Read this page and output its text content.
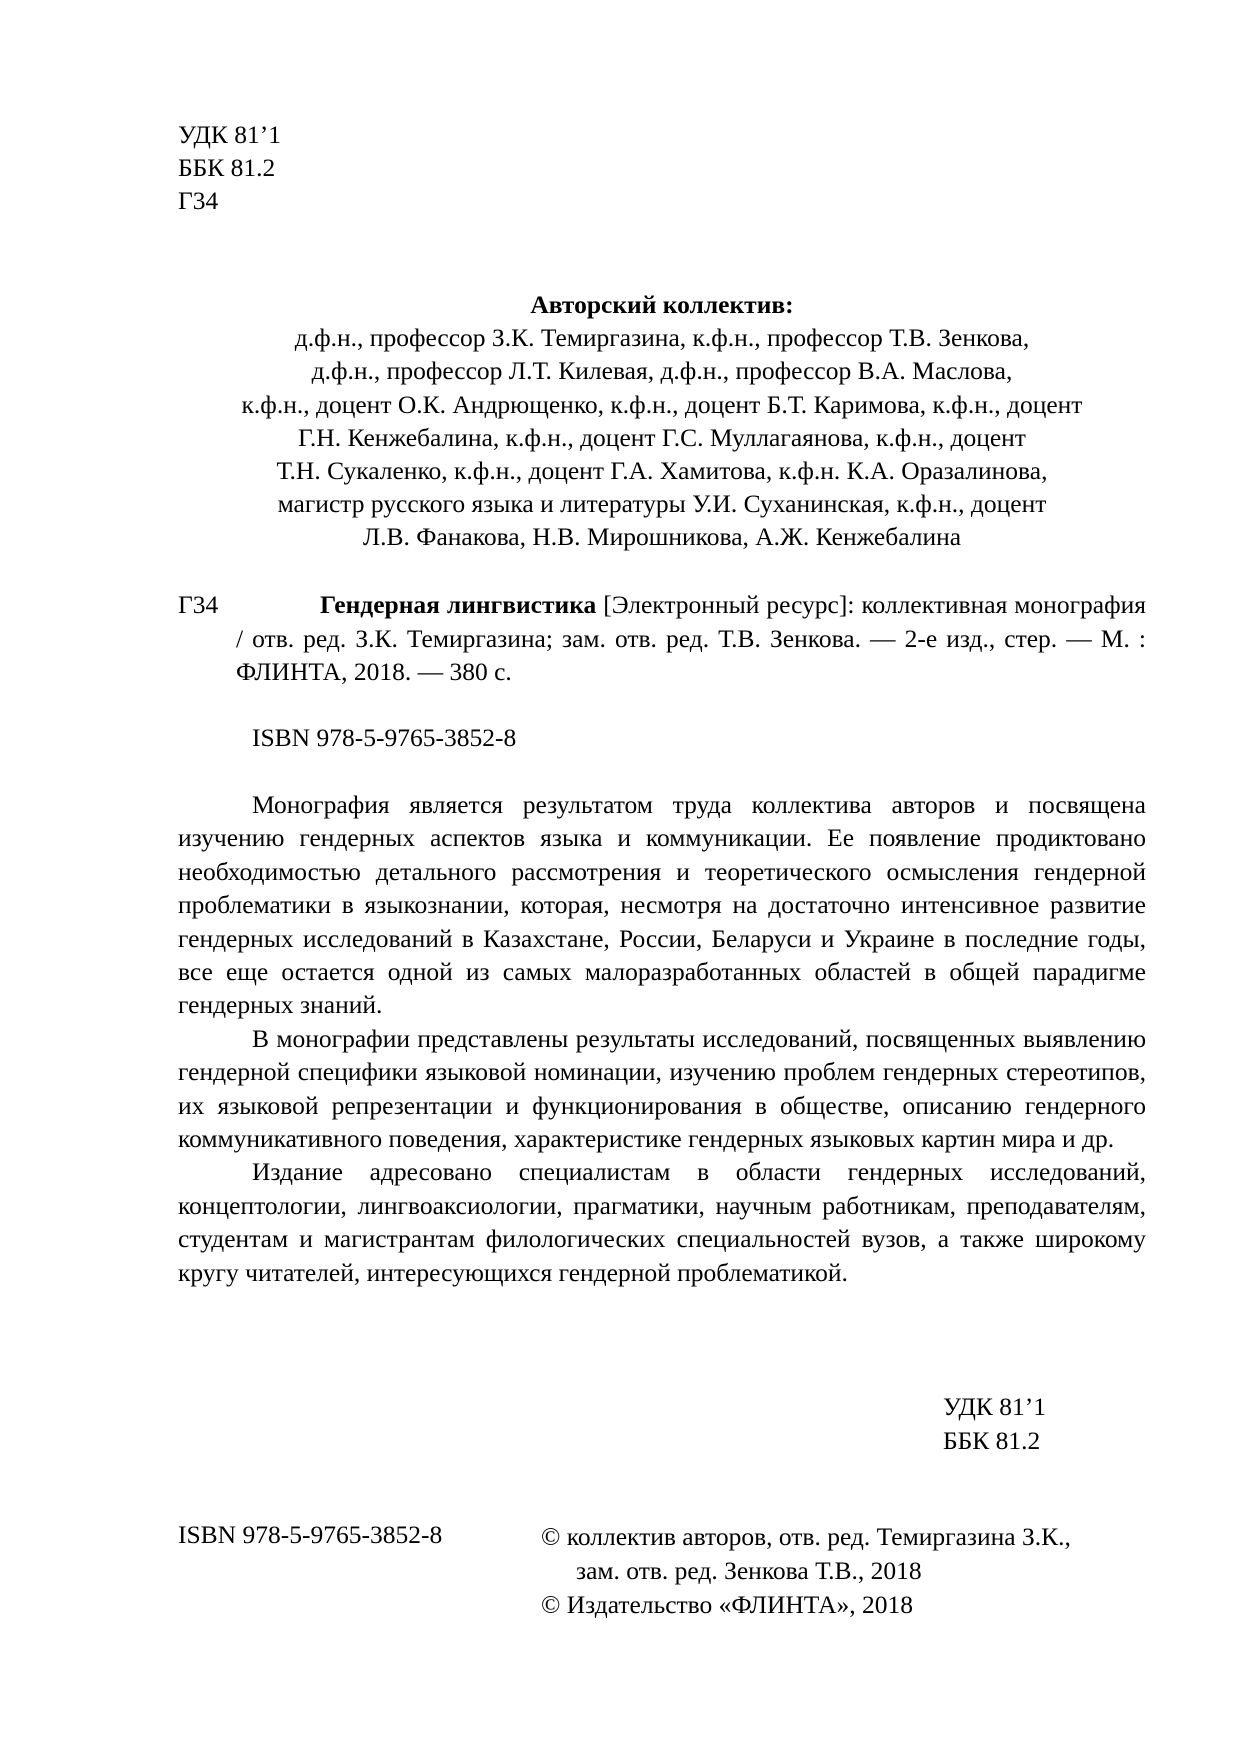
УДК 81’1
ББК 81.2
Г34
Авторский коллектив:
д.ф.н., профессор З.К. Темиргазина, к.ф.н., профессор Т.В. Зенкова,
д.ф.н., профессор Л.Т. Килевая, д.ф.н., профессор В.А. Маслова,
к.ф.н., доцент О.К. Андрющенко, к.ф.н., доцент Б.Т. Каримова, к.ф.н., доцент
Г.Н. Кенжебалина, к.ф.н., доцент Г.С. Муллагаянова, к.ф.н., доцент
Т.Н. Сукаленко, к.ф.н., доцент Г.А. Хамитова, к.ф.н. К.А. Оразалинова,
магистр русского языка и литературы У.И. Суханинская, к.ф.н., доцент
Л.В. Фанакова, Н.В. Мирошникова, А.Ж. Кенжебалина
Г34	Гендерная лингвистика [Электронный ресурс]: коллективная монография / отв. ред. З.К. Темиргазина; зам. отв. ред. Т.В. Зенкова. — 2-е изд., стер. — М. : ФЛИНТА, 2018. — 380 с.
ISBN 978-5-9765-3852-8

Монография является результатом труда коллектива авторов и посвящена изучению гендерных аспектов языка и коммуникации. Ее появление продиктовано необходимостью детального рассмотрения и теоретического осмысления гендерной проблематики в языкознании, которая, несмотря на достаточно интенсивное развитие гендерных исследований в Казахстане, России, Беларуси и Украине в последние годы, все еще остается одной из самых малоразработанных областей в общей парадигме гендерных знаний.

В монографии представлены результаты исследований, посвященных выявлению гендерной специфики языковой номинации, изучению проблем гендерных стереотипов, их языковой репрезентации и функционирования в обществе, описанию гендерного коммуникативного поведения, характеристике гендерных языковых картин мира и др.

Издание адресовано специалистам в области гендерных исследований, концептологии, лингвоаксиологии, прагматики, научным работникам, преподавателям, студентам и магистрантам филологических специальностей вузов, а также широкому кругу читателей, интересующихся гендерной проблематикой.

УДК 81’1
ББК 81.2
ISBN 978-5-9765-3852-8	© коллектив авторов, отв. ред. Темиргазина З.К.,
зам. отв. ред. Зенкова Т.В., 2018
© Издательство «ФЛИНТА», 2018
